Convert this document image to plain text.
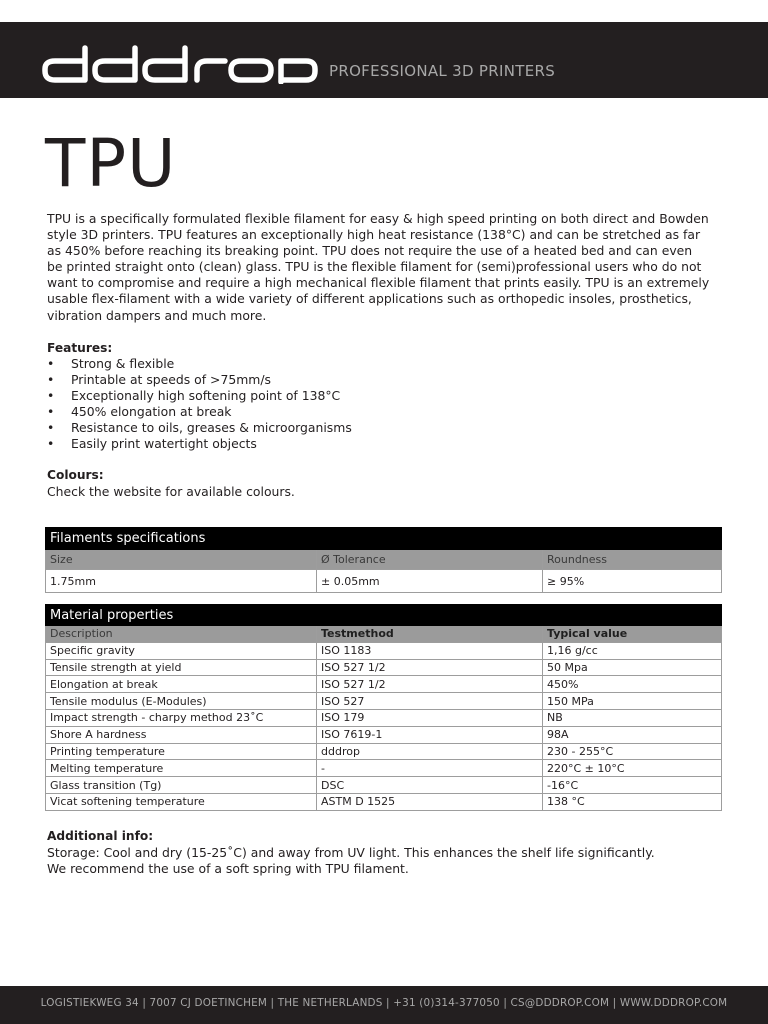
PROFESSIONAL 3D PRINTERS
TPU

TPU is a specifically formulated flexible filament for easy & high speed printing on both direct and Bowden

style 3D printers. TPU features an exceptionally high heat resistance (138°C) and can be stretched as far

as 450% before reaching its breaking point. TPU does not require the use of a heated bed and can even

be printed straight onto (clean) glass. TPU is the flexible filament for (semi)professional users who do not

want to compromise and require a high mechanical flexible filament that prints easily. TPU is an extremely

usable flex-filament with a wide variety of different applications such as orthopedic insoles, prosthetics,

vibration dampers and much more.

Features:
• Strong & flexible
• Printable at speeds of >75mm/s
• Exceptionally high softening point of 138°C
• 450% elongation at break
• Resistance to oils, greases & microorganisms
• Easily print watertight objects
Colours:
Check the website for available colours.
Filaments specifications		
Size	Ø Tolerance	Roundness
1.75mm	± 0.05mm	≥ 95%
Material properties		
Description	Testmethod	Typical value
Specific gravity	ISO 1183	1,16 g/cc
Tensile strength at yield	ISO 527 1/2	50 Mpa
Elongation at break	ISO 527 1/2	450%
Tensile modulus (E-Modules)	ISO 527	150 MPa
Impact strength - charpy method 23˚C	ISO 179	NB
Shore A hardness	ISO 7619-1	98A
Printing temperature	dddrop	230 - 255°C
Melting temperature	-	220°C ± 10°C
Glass transition (Tg)	DSC	-16°C
Vicat softening temperature	ASTM D 1525	138 °C
Additional info:

Storage: Cool and dry (15-25˚C) and away from UV light. This enhances the shelf life significantly.

We recommend the use of a soft spring with TPU filament.

LOGISTIEKWEG 34 | 7007 CJ DOETINCHEM | THE NETHERLANDS | +31 (0)314-377050 | CS@DDDROP.COM | WWW.DDDROP.COM
